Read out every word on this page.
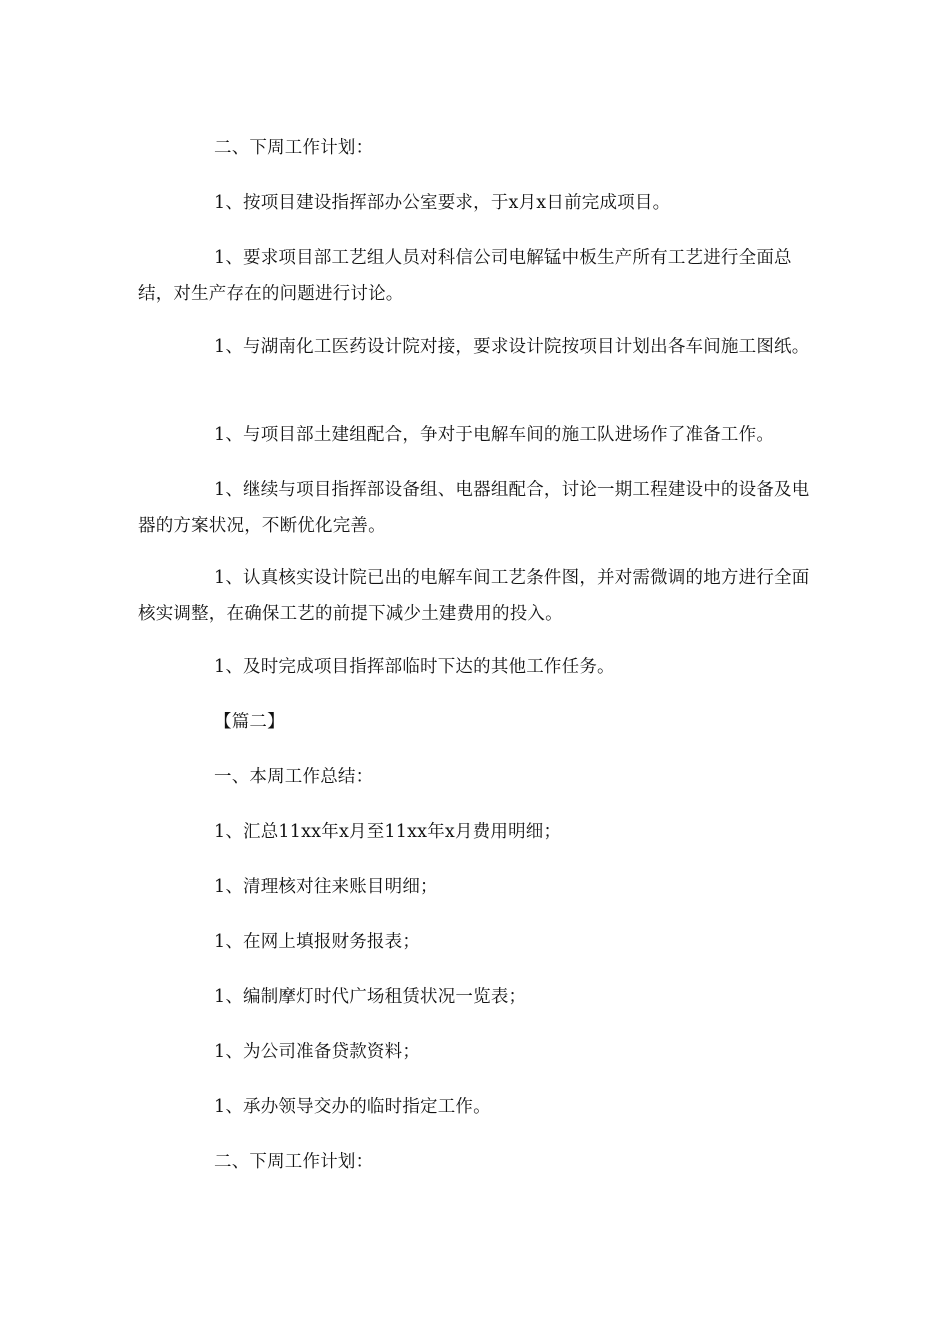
二、下周工作计划：

1、按项目建设指挥部办公室要求，于x月x日前完成项目。

1、要求项目部工艺组人员对科信公司电解锰中板生产所有工艺进行全面总结，对生产存在的问题进行讨论。

1、与湖南化工医药设计院对接，要求设计院按项目计划出各车间施工图纸。

1、与项目部土建组配合，争对于电解车间的施工队进场作了准备工作。

1、继续与项目指挥部设备组、电器组配合，讨论一期工程建设中的设备及电器的方案状况，不断优化完善。

1、认真核实设计院已出的电解车间工艺条件图，并对需微调的地方进行全面核实调整，在确保工艺的前提下减少土建费用的投入。

1、及时完成项目指挥部临时下达的其他工作任务。

【篇二】

一、本周工作总结：

1、汇总11xx年x月至11xx年x月费用明细；

1、清理核对往来账目明细；

1、在网上填报财务报表；

1、编制摩灯时代广场租赁状况一览表；

1、为公司准备贷款资料；

1、承办领导交办的临时指定工作。

二、下周工作计划：
